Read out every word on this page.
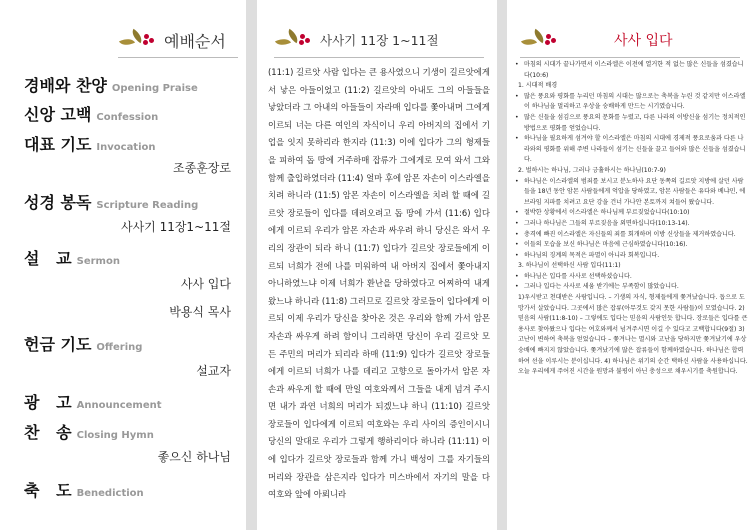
예배순서
경배와 찬양 Opening Praise
신앙 고백 Confession
대표 기도 Invocation
조종훈장로
성경 봉독 Scripture Reading
사사기 11장1~11절
설   교 Sermon
사사 입다
박용식 목사
헌금 기도 Offering
설교자
광   고 Announcement
찬   송 Closing Hymn
좋으신 하나님
축   도 Benediction
사사기 11장 1~11절
(11:1) 길르앗 사람 입다는 큰 용사였으니 기생이 길르앗에게서 낳은 아들이었고 (11:2) 길르앗의 아내도 그의 아들들을 낳았더라 그 아내의 아들들이 자라매 입다를 쫓아내며 그에게 이르되 너는 다른 여인의 자식이니 우리 아버지의 집에서 기업을 잇지 못하리라 한지라 (11:3) 이에 입다가 그의 형제들을 피하여 돕 땅에 거주하매 잡류가 그에게로 모여 와서 그와 함께 출입하였더라 (11:4) 얼마 후에 암몬 자손이 이스라엘을 치려 하니라 (11:5) 암몬 자손이 이스라엘을 치려 할 때에 길르앗 장로들이 입다를 데려오려고 돕 땅에 가서 (11:6) 입다에게 이르되 우리가 암몬 자손과 싸우려 하니 당신은 와서 우리의 장관이 되라 하니 (11:7) 입다가 길르앗 장로들에게 이르되 너희가 전에 나를 미워하여 내 아버지 집에서 쫓아내지 아니하였느냐 이제 너희가 환난을 당하였다고 어찌하여 내게 왔느냐 하니라 (11:8) 그러므로 길르앗 장로들이 입다에게 이르되 이제 우리가 당신을 찾아온 것은 우리와 함께 가서 암몬 자손과 싸우게 하려 함이니 그리하면 당신이 우리 길르앗 모든 주민의 머리가 되리라 하매 (11:9) 입다가 길르앗 장로들에게 이르되 너희가 나를 데리고 고향으로 돌아가서 암몬 자손과 싸우게 할 때에 만일 여호와께서 그들을 내게 넘겨 주시면 내가 과연 너희의 머리가 되겠느냐 하니 (11:10) 길르앗 장로들이 입다에게 이르되 여호와는 우리 사이의 증인이시니 당신의 말대로 우리가 그렇게 행하리이다 하니라 (11:11) 이에 입다가 길르앗 장로들과 함께 가니 백성이 그를 자기들의 머리와 장관을 삼은지라 입다가 미스바에서 자기의 말을 다 여호와 앞에 아뢰니라
사사 입다
• 마침의 시대가 끝나가면서 이스라엘은 이전에 열거한 적 없는 많은 신들을 섬겼습니다(10:6)
1. 시대적 배경
• 많은 풍요와 평화를 누리던 마침의 시대는 많으로는 축복을 누린 것 같지만 이스라엘이 하나님을 멀리하고 우상을 숭배하게 만드는 시기였습니다.
• 많은 신들을 섬김으로 풍요의 문화를 누렸고, 다른 나라의 이방신을 섬기는 정치적인 방법으로 평화를 얻었습니다.
• 하나님을 필요하게 섬겨야 할 이스라엘은 마침의 시대에 경제적 풍요로움과 다른 나라와의 평화를 위해 주변 나라들이 섬기는 신들을 끌고 들어와 많은 신들을 섬겼습니다.
2. 벌하시는 하나님, 그러나 긍휼하시는 하나님(10:7-9)
• 하나님은 이스라엘의 범죄를 보시고 분노하사 요단 동쪽의 길르앗 지방에 살던 사람들을 18년 동안 암몬 사람들에게 억압을 당하였고, 암몬 사람들은 유다와 베냐민, 에브라임 지파를 치려고 요단 강을 건너 가나안 본토까지 쳐들어 왔습니다.
• 절박한 상황에서 이스라엘은 하나님께 부르짖었습니다(10:10)
• 그러나 하나님은 그들의 부르짖음을 외면하십니다(10:13-14).
• 충격에 빠진 이스라엘은 자신들의 죄를 회개하며 이방 신상들을 제거하였습니다.
• 이들의 모습을 보신 하나님은 마음에 근심하였습니다(10:16).
• 하나님의 징계의 목적은 파멸이 아니라 회복입니다.
3. 하나님이 선택하신 사람 입다(11:1)
• 하나님은 입다를 사사로 선택하셨습니다.
• 그러나 입다는 사사로 세움 받기에는 부족함이 많았습니다.
1)우시받고 천대받은 사람입니다. – 기생의 자식, 형제들에게 쫓겨났습니다. 돕으로 도망가서 살았습니다. 그곳에서 많은 잡류(아무것도 갖지 못한 사람들)이 모였습니다. 2) 믿음의 사람(11:8-10) – 그렇에도 입다는 믿음의 사람인듯 합니다. 장로들은 입다를 큰 용사로 찾아왔으나 입다는 여호와께서 넘겨주시면 이길 수 있다고 고백합니다(9절) 3)고난이 변하여 축복을 얻었습니다 – 쫓겨나는 멸시와 고난을 당하지만 쫓겨났기에 우상 숭배에 빠지지 않았습니다. 쫓겨났기에 많은 잡류들이 함께하였습니다. 하나님은 합력하여 선을 이루시는 분이십니다. 4) 하나님은 위기의 순간 택하신 사람을 사용하십니다.
오늘 우리에게 주어진 시간을 원망과 불평이 아닌 충성으로 채우시기를 축원합니다.
